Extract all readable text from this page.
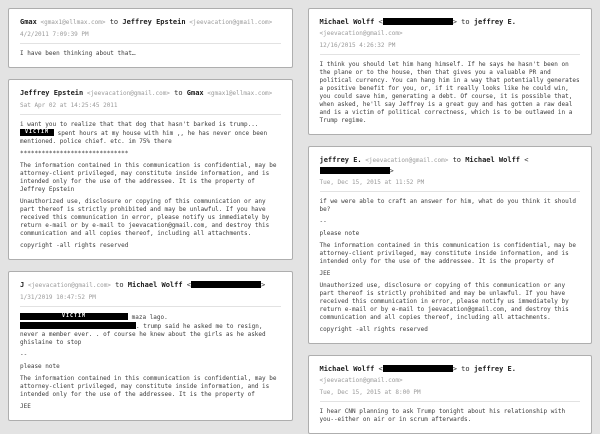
Gmax <gmax1@ellmax.com> to Jeffrey Epstein <jeevacation@gmail.com>
4/2/2011 7:09:39 PM

I have been thinking about that…

Jeffrey Epstein <jeevacation@gmail.com> to Gmax <gmax1@ellmax.com>
Sat Apr 02 at 14:25:45 2011

i want you to realize that that dog that hasn't barked is trump... VICTIM spent hours at my house with him ,, he has never once been mentioned. police chief. etc. im 75% there

******************************

The information contained in this communication is confidential, may be attorney-client privileged, may constitute inside information, and is intended only for the use of the addressee. It is the property of Jeffrey Epstein

Unauthorized use, disclosure or copying of this communication or any part thereof is strictly prohibited and may be unlawful. If you have received this communication in error, please notify us immediately by return e-mail or by e-mail to jeevacation@gmail.com, and destroy this communication and all copies thereof, including all attachments.

copyright -all rights reserved

J <jeevacation@gmail.com> to Michael Wolff <	>
1/31/2019 10:47:52 PM

VICTIM	maza lago. . trump said he asked me to resign, never a member ever. . of course he knew about the girls as he asked ghislaine to stop

--

please note

The information contained in this communication is confidential, may be attorney-client privileged, may constitute inside information, and is intended only for the use of the addressee. It is the property of

JEE

Michael Wolff <	> to jeffrey E. <jeevacation@gmail.com>
12/16/2015 4:26:32 PM

I think you should let him hang himself. If he says he hasn't been on the plane or to the house, then that gives you a valuable PR and political currency. You can hang him in a way that potentially generates a positive benefit for you, or, if it really looks like he could win, you could save him, generating a debt. Of course, it is possible that, when asked, he'll say Jeffrey is a great guy and has gotten a raw deal and is a victim of political correctness, which is to be outlawed in a Trump regime.

jeffrey E. <jeevacation@gmail.com> to Michael Wolff <>
Tue, Dec 15, 2015 at 11:52 PM

if we were able to craft an answer for him, what do you think it should be?

--

please note

The information contained in this communication is confidential, may be attorney-client privileged, may constitute inside information, and is intended only for the use of the addressee. It is the property of

JEE

Unauthorized use, disclosure or copying of this communication or any part thereof is strictly prohibited and may be unlawful. If you have received this communication in error, please notify us immediately by return e-mail or by e-mail to jeevacation@gmail.com, and destroy this communication and all copies thereof, including all attachments.

copyright -all rights reserved

Michael Wolff <	> to jeffrey E. <jeevacation@gmail.com>
Tue, Dec 15, 2015 at 8:00 PM

I hear CNN planning to ask Trump tonight about his relationship with you--either on air or in scrum afterwards.
